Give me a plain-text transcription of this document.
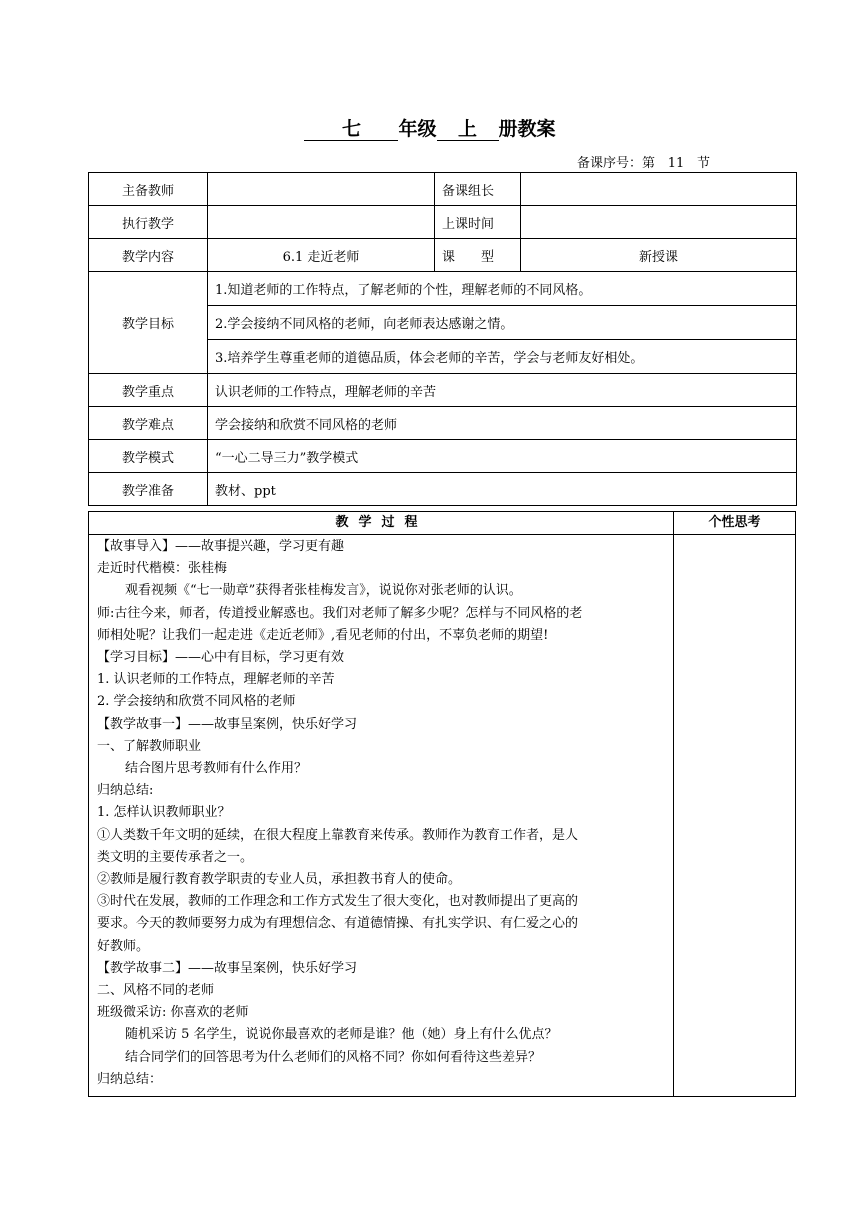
七 年级 上 册教案
备课序号：第 11 节
主备教师		备课组长	
执行教学		上课时间	
教学内容	6.1 走近老师	课　　型	新授课
教学目标	1.知道老师的工作特点，了解老师的个性，理解老师的不同风格。		
	2.学会接纳不同风格的老师，向老师表达感谢之情。		
	3.培养学生尊重老师的道德品质，体会老师的辛苦，学会与老师友好相处。		
教学重点	认识老师的工作特点，理解老师的辛苦		
教学难点	学会接纳和欣赏不同风格的老师		
教学模式	“一心二导三力”教学模式		
教学准备	教材、ppt		
教学过程	个性思考
【故事导入】——故事提兴趣，学习更有趣
走近时代楷模：张桂梅
观看视频《“七一勋章”获得者张桂梅发言》，说说你对张老师的认识。
师:古往今来，师者，传道授业解惑也。我们对老师了解多少呢？怎样与不同风格的老
师相处呢？让我们一起走进《走近老师》,看见老师的付出，不辜负老师的期望!
【学习目标】——心中有目标，学习更有效
1. 认识老师的工作特点，理解老师的辛苦
2. 学会接纳和欣赏不同风格的老师
【教学故事一】——故事呈案例，快乐好学习
一、了解教师职业
结合图片思考教师有什么作用？
归纳总结:
1. 怎样认识教师职业？
①人类数千年文明的延续，在很大程度上靠教育来传承。教师作为教育工作者，是人
类文明的主要传承者之一。
②教师是履行教育教学职责的专业人员，承担教书育人的使命。
③时代在发展，教师的工作理念和工作方式发生了很大变化，也对教师提出了更高的
要求。今天的教师要努力成为有理想信念、有道德情操、有扎实学识、有仁爱之心的
好教师。
【教学故事二】——故事呈案例，快乐好学习
二、风格不同的老师
班级微采访: 你喜欢的老师
随机采访 5 名学生，说说你最喜欢的老师是谁？他（她）身上有什么优点？
结合同学们的回答思考为什么老师们的风格不同？你如何看待这些差异？
归纳总结：
